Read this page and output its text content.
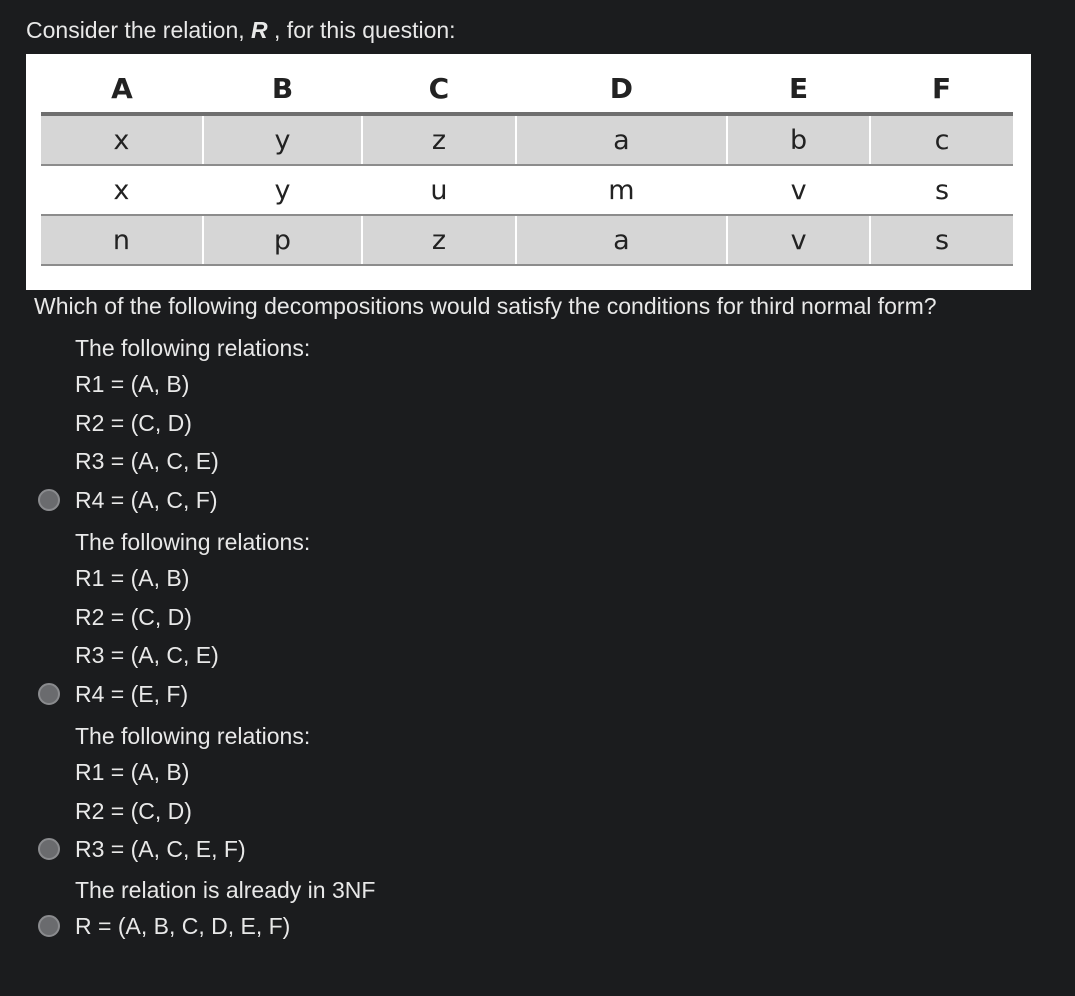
Consider the relation, R , for this question:
A	B	C	D	E	F
x	y	z	a	b	c
x	y	u	m	v	s
n	p	z	a	v	s
Which of the following decompositions would satisfy the conditions for third normal form?
The following relations:
R1 = (A, B)
R2 = (C, D)
R3 = (A, C, E)
R4 = (A, C, F)
The following relations:
R1 = (A, B)
R2 = (C, D)
R3 = (A, C, E)
R4 = (E, F)
The following relations:
R1 = (A, B)
R2 = (C, D)
R3 = (A, C, E, F)
The relation is already in 3NF
R = (A, B, C, D, E, F)
